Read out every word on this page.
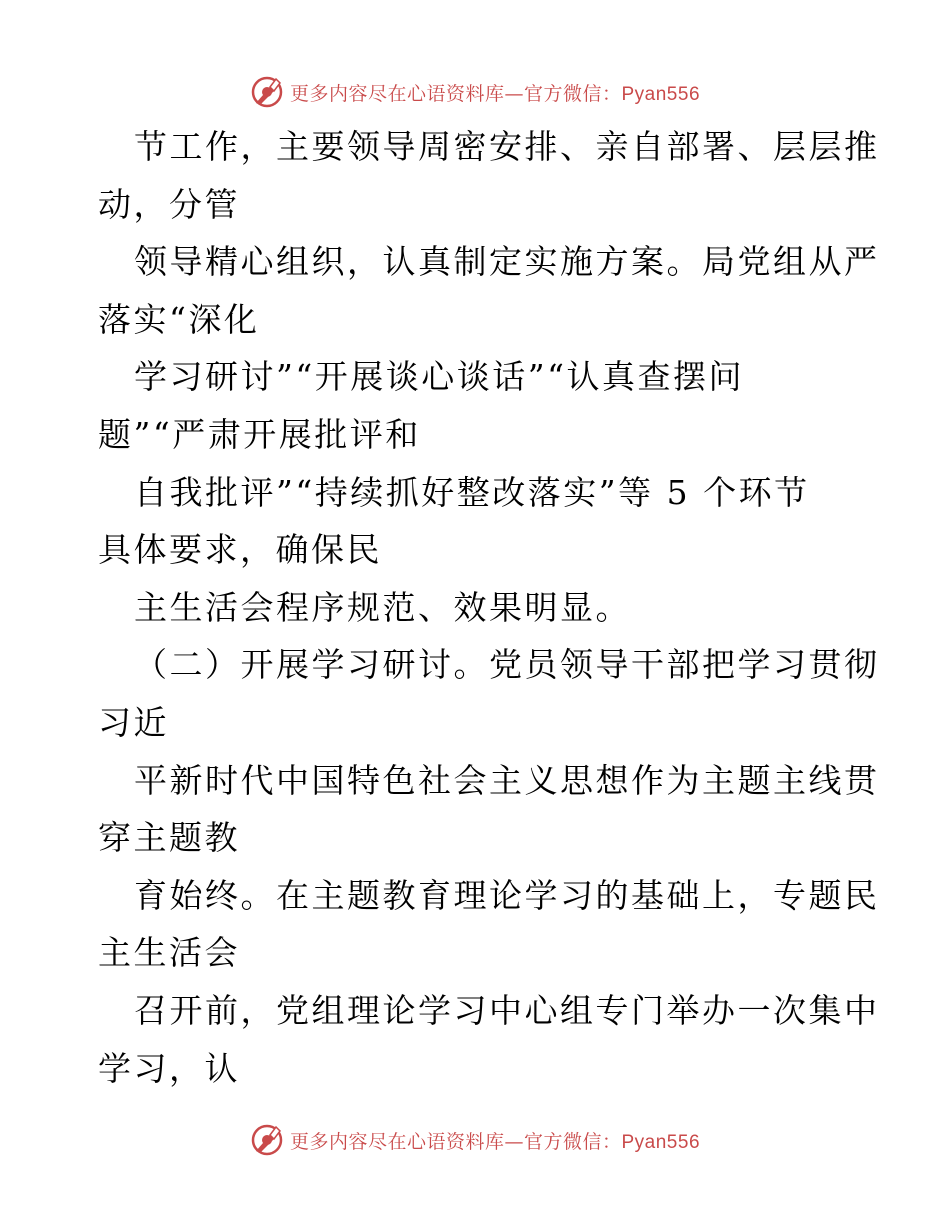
更多内容尽在心语资料库—官方微信：Pyan556
节工作，主要领导周密安排、亲自部署、层层推
动，分管
领导精心组织，认真制定实施方案。局党组从严
落实“深化
学习研讨”“开展谈心谈话”“认真查摆问
题”“严肃开展批评和
自我批评”“持续抓好整改落实”等 5 个环节
具体要求，确保民
主生活会程序规范、效果明显。
（二）开展学习研讨。党员领导干部把学习贯彻
习近
平新时代中国特色社会主义思想作为主题主线贯
穿主题教
育始终。在主题教育理论学习的基础上，专题民
主生活会
召开前，党组理论学习中心组专门举办一次集中
学习，认
更多内容尽在心语资料库—官方微信：Pyan556
